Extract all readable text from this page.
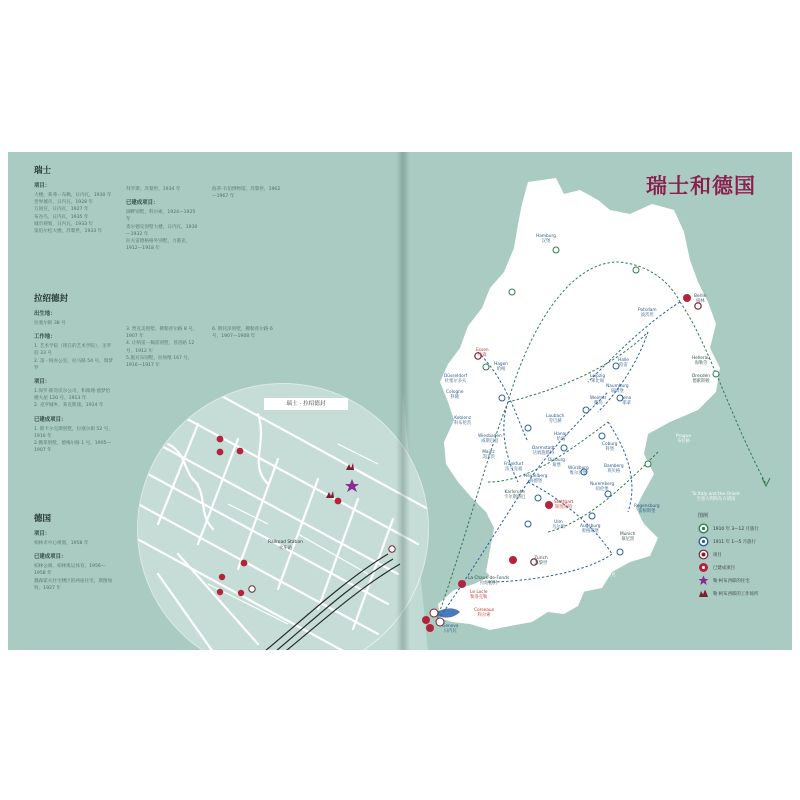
瑞士
项目：

大楼，莱弗－布赖，日内瓦，1930 年

世界城市，日内瓦，1928 年

万国宫，日内瓦，1927 年

布谷鸟，日内瓦，1935 年

城市规划，日内瓦，1933 年

第伯尔松大楼，苏黎世，1933 年

拜罗斯，苏黎世，1934 年

已建成项目：

湖畔别墅，科尔索，1924—1925 年

麦尔德克别墅大楼，日内瓦，1930—1932 年

拉夫雷德格格外别墅，力港克，1912—1918 年

海蒂·韦伯博物馆，苏黎世，1962—1967 年

拉绍德封
出生地：

拉塞尔街 38 号

工作地：

1. 艺术学院（现在的艺术学院），圣罗伯 33 号

2. 第一间办公室，拉马路 54 号，瑞梦罗

项目：

1.保罗·斯奇沃尔公司，和萬理·德梦恰楼大屋 120 号，1913 年

2. 克罗城乡，莱克斯康，1914 年

已建成项目：

1. 斯卡尔克斯别墅，拉塞尔街 52 号，1916 年

2.佛莱别墅，德梅尔路 1 号，1905—1907 年

3. 贾克美别墅，佛勒普尔路 8 号，1907 年

4. 让纳雷－佩雷别墅，普洛路 12 号，1912 年

5.施瓦布别墅，拉埃维 167 号，1916—1917 年

6. 斯托泽别墅，佛勒普尔路 6 号，1907—1908 年

德国
项目：

柏林市中心规划，1958 年

已建成项目：

柏林公寓，柏林奥运体育，1956—1958 年

魏森霍夫住宅楼区的两座住宅，斯图加特，1927 年

瑞士 · 拉绍德封
Railroad Station
火车站
瑞士和德国
Hamburg
汉堡
Berlin
柏林
Potsdam
波茨坦
Essen
埃森
Hagen
哈根
Düsseldorf
杜塞尔多夫
Cologne
科隆
Halle
哈雷
Leipzig
莱比锡
Weimar
魏玛
Naumburg
瑙姆堡
Jena
耶拿
Hellerau
海勒劳
Dresden
德累斯顿
Koblenz
科布伦茨
Laubach
劳巴赫
Wiesbaden
威斯巴登
Mainz
美因茨
Frankfurt
法兰克福
Hanau
哈瑙
Darmstadt
达姆施塔特
Dieburg
迪堡
Würzburg
维尔茨堡
Coburg
科堡
Bamberg
班贝格
Nuremberg
纽伦堡
Regensburg
雷根斯堡
Prague
布拉格
Heidelberg
海德堡
Karlsruhe
卡尔斯鲁厄
Stuttgart
斯图加特
Ulm
乌尔姆	Augsburg
奥格斯堡
Munich
慕尼黑
Innsbruck
因斯布鲁克
Zurich
苏黎世
La Chaux-de-Fonds
拉绍德封
Le Locle
勒洛克勒
Corseaux
科尔索
Geneva
日内瓦
To Italy and the Orient
至意大利和东方诸国
图例
1910 年 3—12 月旅行
1911 年 1—5 月旅行
项目
已建成项目
勒·柯布西耶的住宅
勒·柯布西耶的工作场所
